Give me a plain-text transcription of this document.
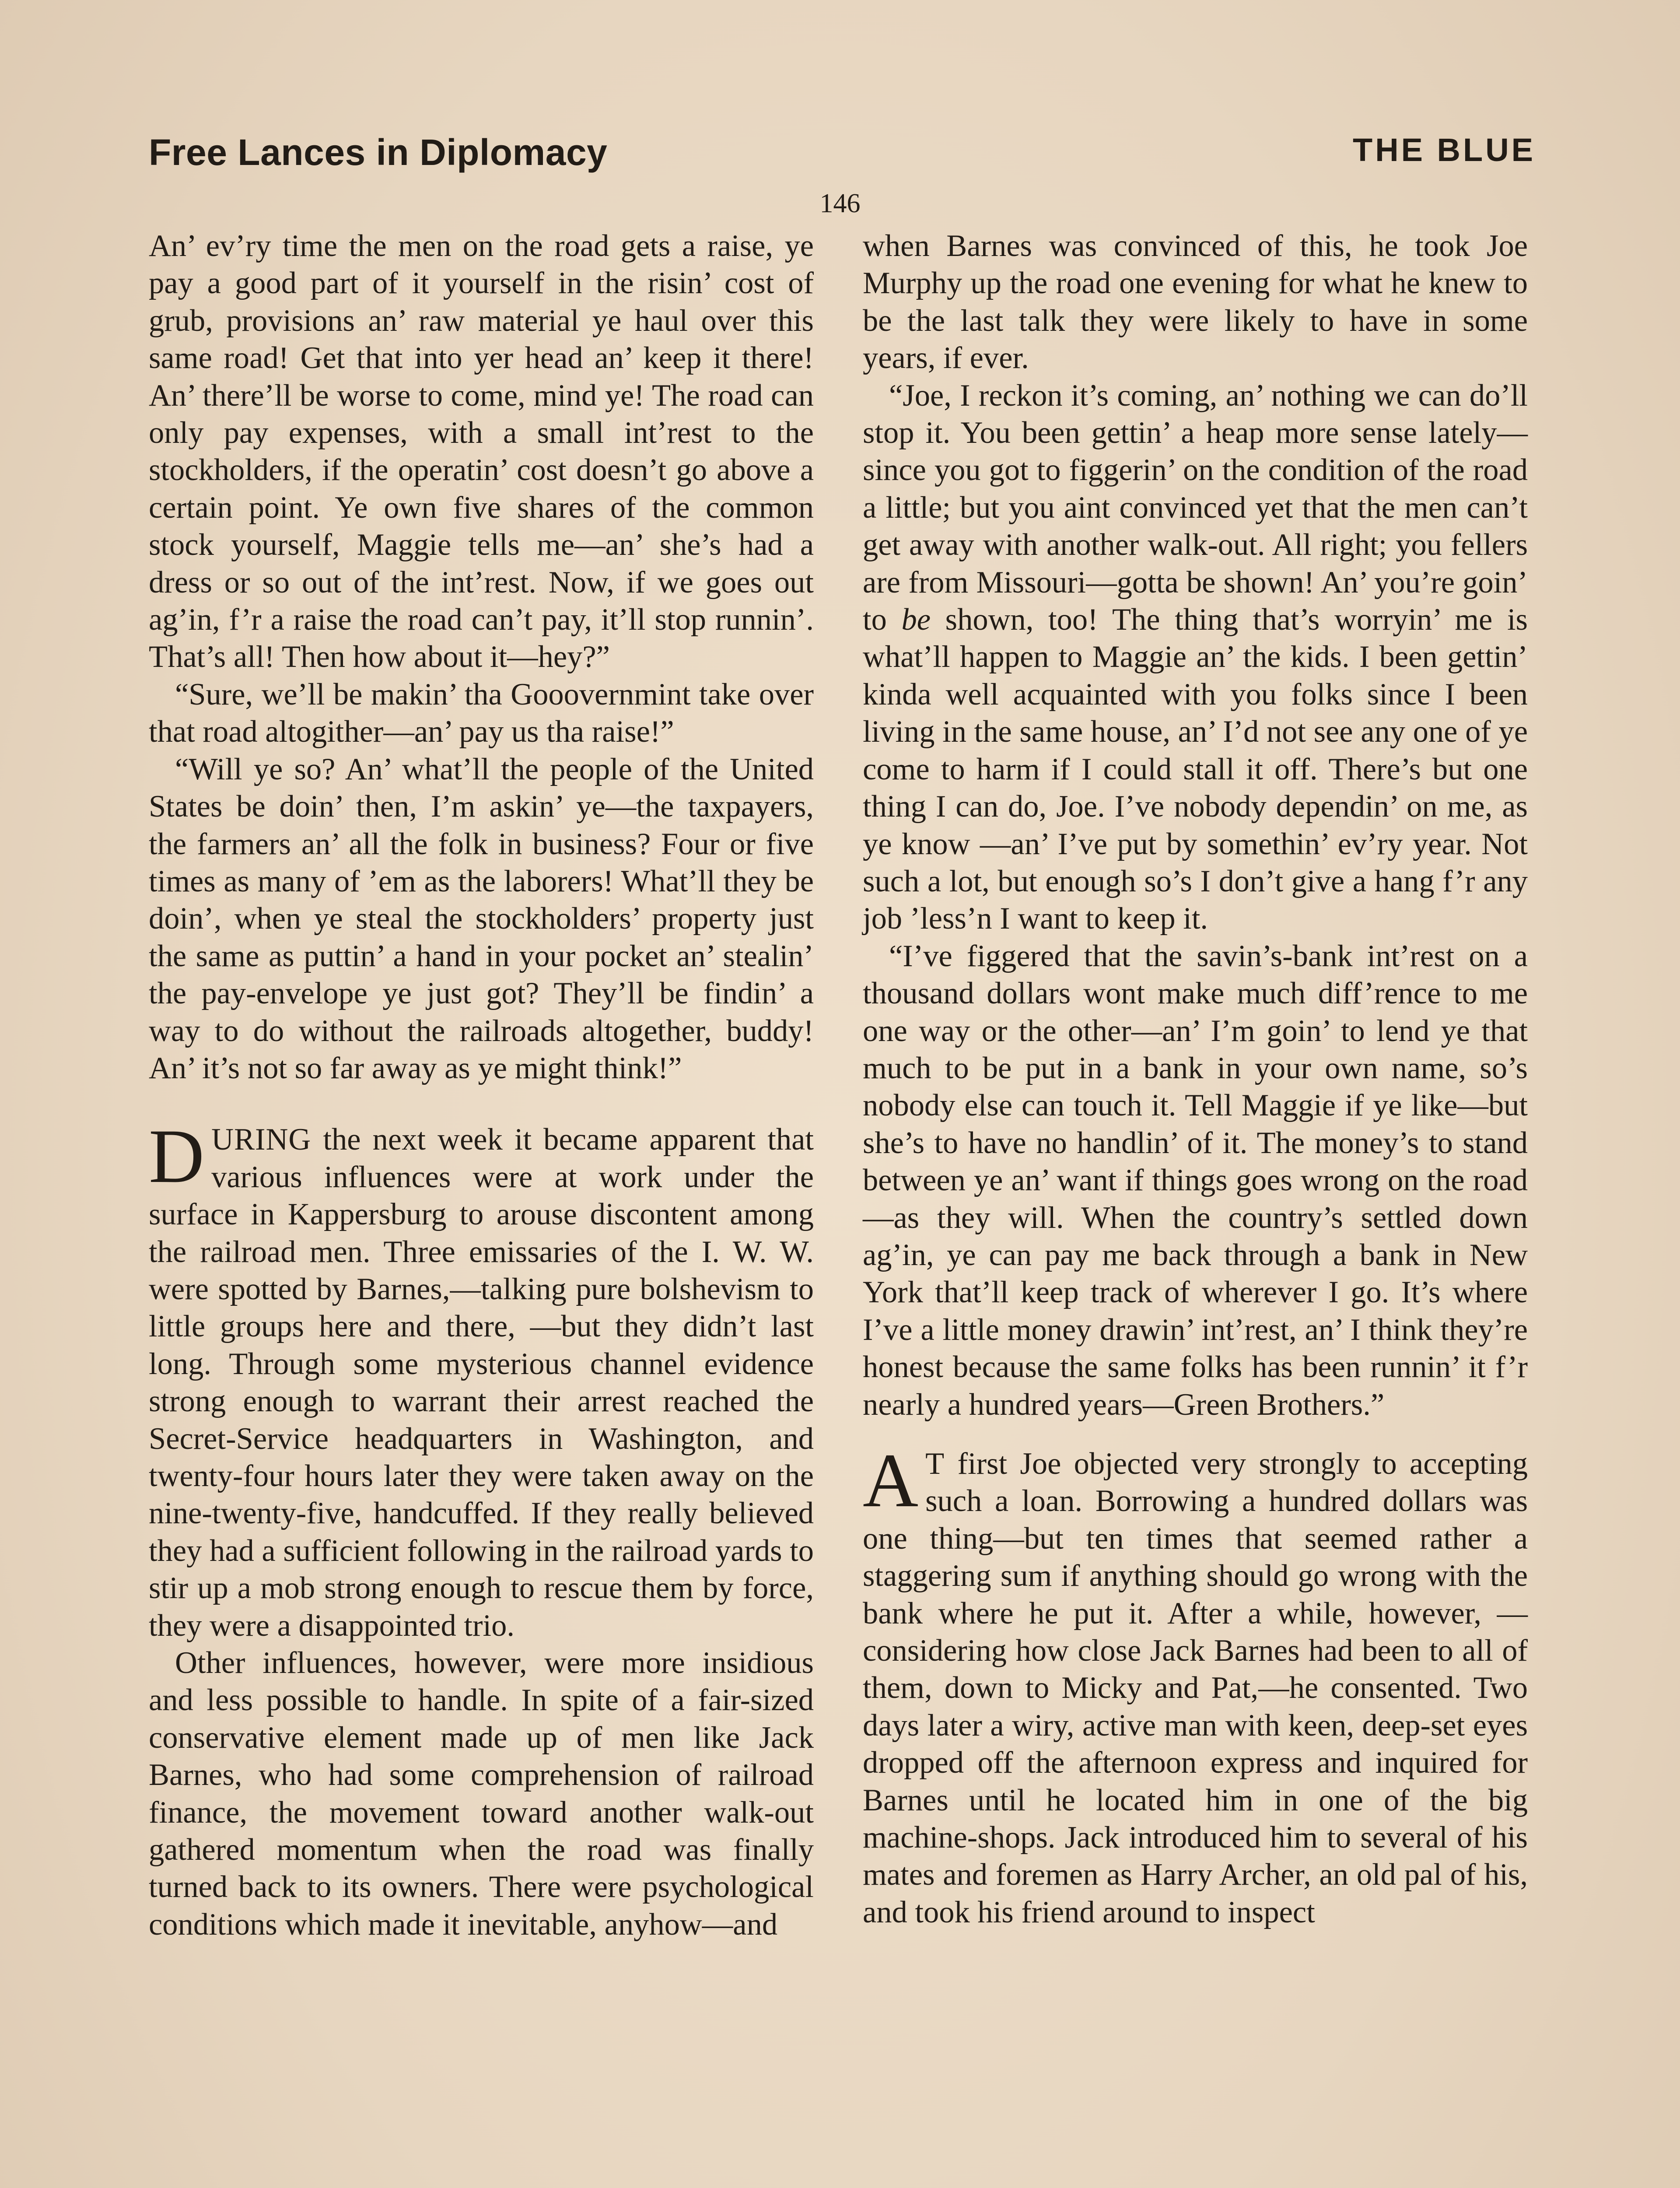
Free Lances in Diplomacy	THE BLUE
146

An’ ev’ry time the men on the road gets a raise, ye pay a good part of it yourself in the risin’ cost of grub, provisions an’ raw material ye haul over this same road! Get that into yer head an’ keep it there! An’ there’ll be worse to come, mind ye! The road can only pay expenses, with a small int’rest to the stockholders, if the operatin’ cost doesn’t go above a certain point. Ye own five shares of the common stock yourself, Maggie tells me—an’ she’s had a dress or so out of the int’rest. Now, if we goes out ag’in, f’r a raise the road can’t pay, it’ll stop runnin’. That’s all! Then how about it—hey?”

“Sure, we’ll be makin’ tha Gooovernmint take over that road altogither—an’ pay us tha raise!”

“Will ye so? An’ what’ll the people of the United States be doin’ then, I’m askin’ ye—the taxpayers, the farmers an’ all the folk in business? Four or five times as many of ’em as the laborers! What’ll they be doin’, when ye steal the stockholders’ property just the same as puttin’ a hand in your pocket an’ stealin’ the pay-envelope ye just got? They’ll be findin’ a way to do without the railroads altogether, buddy! An’ it’s not so far away as ye might think!”

DURING the next week it became apparent that various influences were at work under the surface in Kappersburg to arouse discontent among the railroad men. Three emissaries of the I. W. W. were spotted by Barnes,—talking pure bolshevism to little groups here and there, —but they didn’t last long. Through some mysterious channel evidence strong enough to warrant their arrest reached the Secret-Service headquarters in Washington, and twenty-four hours later they were taken away on the nine-twenty-five, handcuffed. If they really believed they had a sufficient following in the railroad yards to stir up a mob strong enough to rescue them by force, they were a disappointed trio.

Other influences, however, were more insidious and less possible to handle. In spite of a fair-sized conservative element made up of men like Jack Barnes, who had some comprehension of railroad finance, the movement toward another walk-out gathered momentum when the road was finally turned back to its owners. There were psychological conditions which made it inevitable, anyhow—and

when Barnes was convinced of this, he took Joe Murphy up the road one evening for what he knew to be the last talk they were likely to have in some years, if ever.

“Joe, I reckon it’s coming, an’ nothing we can do’ll stop it. You been gettin’ a heap more sense lately—since you got to figgerin’ on the condition of the road a little; but you aint convinced yet that the men can’t get away with another walk-out. All right; you fellers are from Missouri—gotta be shown! An’ you’re goin’ to be shown, too! The thing that’s worryin’ me is what’ll happen to Maggie an’ the kids. I been gettin’ kinda well acquainted with you folks since I been living in the same house, an’ I’d not see any one of ye come to harm if I could stall it off. There’s but one thing I can do, Joe. I’ve nobody dependin’ on me, as ye know —an’ I’ve put by somethin’ ev’ry year. Not such a lot, but enough so’s I don’t give a hang f’r any job ’less’n I want to keep it.

“I’ve figgered that the savin’s-bank int’rest on a thousand dollars wont make much diff’rence to me one way or the other—an’ I’m goin’ to lend ye that much to be put in a bank in your own name, so’s nobody else can touch it. Tell Maggie if ye like—but she’s to have no handlin’ of it. The money’s to stand between ye an’ want if things goes wrong on the road—as they will. When the country’s settled down ag’in, ye can pay me back through a bank in New York that’ll keep track of wherever I go. It’s where I’ve a little money drawin’ int’rest, an’ I think they’re honest because the same folks has been runnin’ it f’r nearly a hundred years—Green Brothers.”

A T first Joe objected very strongly to accepting such a loan. Borrowing a hundred dollars was one thing—but ten times that seemed rather a staggering sum if anything should go wrong with the bank where he put it. After a while, however, —considering how close Jack Barnes had been to all of them, down to Micky and Pat,—he consented. Two days later a wiry, active man with keen, deep-set eyes dropped off the afternoon express and inquired for Barnes until he located him in one of the big machine-shops. Jack introduced him to several of his mates and foremen as Harry Archer, an old pal of his, and took his friend around to inspect
